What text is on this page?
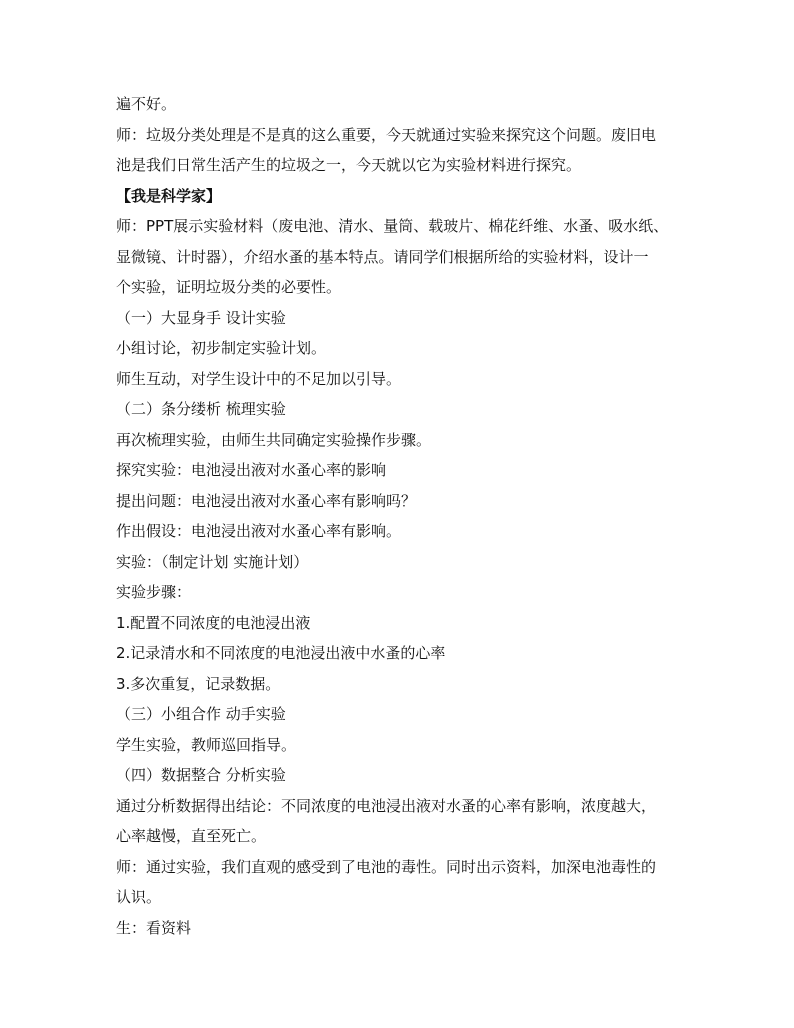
遍不好。
师：垃圾分类处理是不是真的这么重要，今天就通过实验来探究这个问题。废旧电
池是我们日常生活产生的垃圾之一，今天就以它为实验材料进行探究。
【我是科学家】
师：PPT展示实验材料（废电池、清水、量筒、载玻片、棉花纤维、水蚤、吸水纸、
显微镜、计时器），介绍水蚤的基本特点。请同学们根据所给的实验材料，设计一
个实验，证明垃圾分类的必要性。
（一）大显身手 设计实验
小组讨论，初步制定实验计划。
师生互动，对学生设计中的不足加以引导。
（二）条分缕析 梳理实验
再次梳理实验，由师生共同确定实验操作步骤。
探究实验：电池浸出液对水蚤心率的影响
提出问题：电池浸出液对水蚤心率有影响吗？
作出假设：电池浸出液对水蚤心率有影响。
实验：（制定计划 实施计划）
实验步骤：
1.配置不同浓度的电池浸出液
2.记录清水和不同浓度的电池浸出液中水蚤的心率
3.多次重复，记录数据。
（三）小组合作 动手实验
学生实验，教师巡回指导。
（四）数据整合 分析实验
通过分析数据得出结论：不同浓度的电池浸出液对水蚤的心率有影响，浓度越大，
心率越慢，直至死亡。
师：通过实验，我们直观的感受到了电池的毒性。同时出示资料，加深电池毒性的
认识。
生：看资料
